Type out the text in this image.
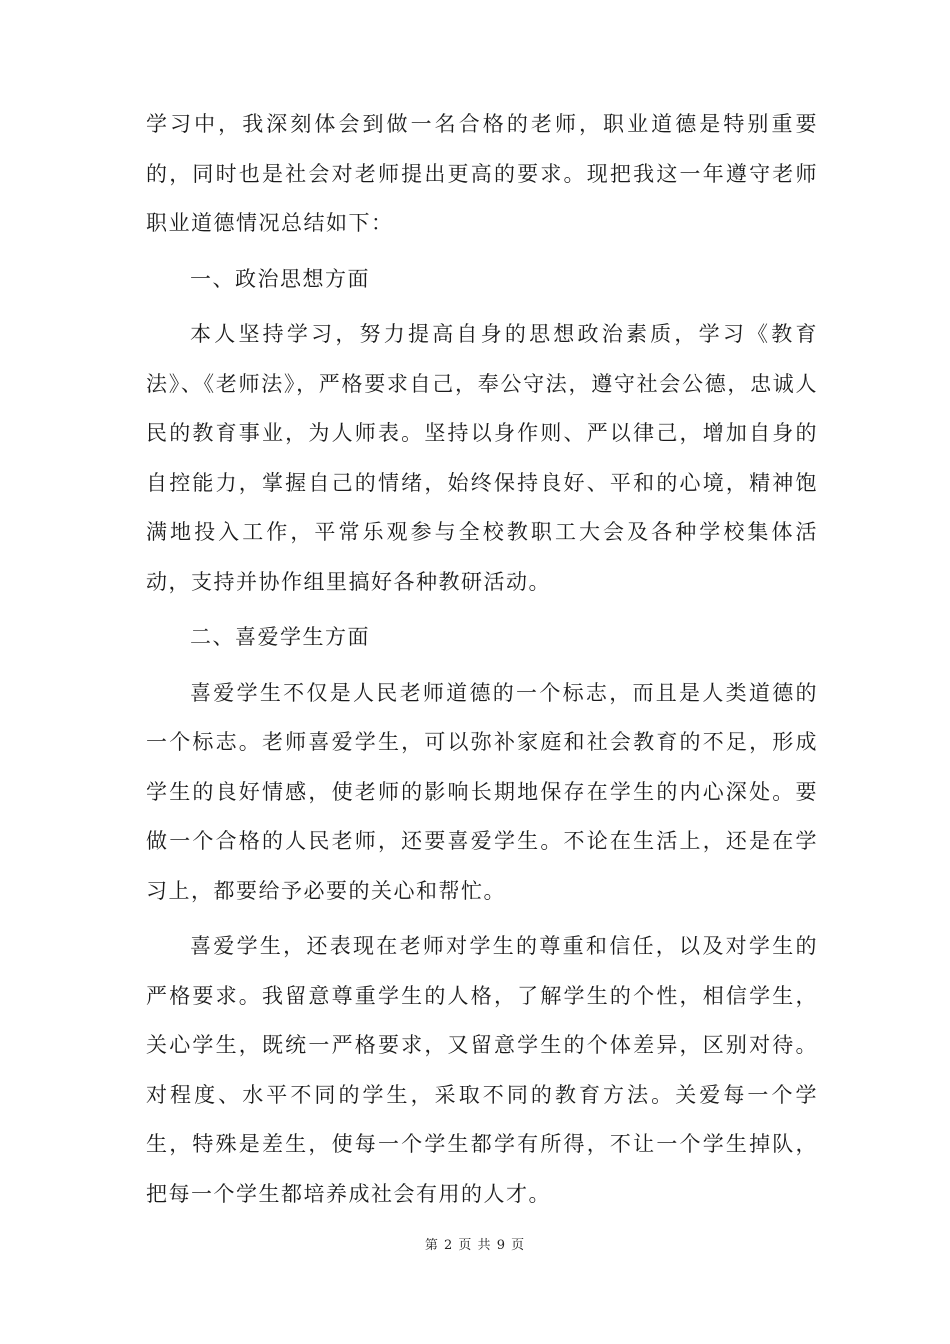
学习中，我深刻体会到做一名合格的老师，职业道德是特别重要的，同时也是社会对老师提出更高的要求。现把我这一年遵守老师职业道德情况总结如下：

一、政治思想方面

本人坚持学习，努力提高自身的思想政治素质，学习《教育法》、《老师法》，严格要求自己，奉公守法，遵守社会公德，忠诚人民的教育事业，为人师表。坚持以身作则、严以律己，增加自身的自控能力，掌握自己的情绪，始终保持良好、平和的心境，精神饱满地投入工作，平常乐观参与全校教职工大会及各种学校集体活动，支持并协作组里搞好各种教研活动。

二、喜爱学生方面

喜爱学生不仅是人民老师道德的一个标志，而且是人类道德的一个标志。老师喜爱学生，可以弥补家庭和社会教育的不足，形成学生的良好情感，使老师的影响长期地保存在学生的内心深处。要做一个合格的人民老师，还要喜爱学生。不论在生活上，还是在学习上，都要给予必要的关心和帮忙。

喜爱学生，还表现在老师对学生的尊重和信任，以及对学生的严格要求。我留意尊重学生的人格，了解学生的个性，相信学生，关心学生，既统一严格要求，又留意学生的个体差异，区别对待。对程度、水平不同的学生，采取不同的教育方法。关爱每一个学生，特殊是差生，使每一个学生都学有所得，不让一个学生掉队，把每一个学生都培养成社会有用的人才。

第 2 页 共 9 页
